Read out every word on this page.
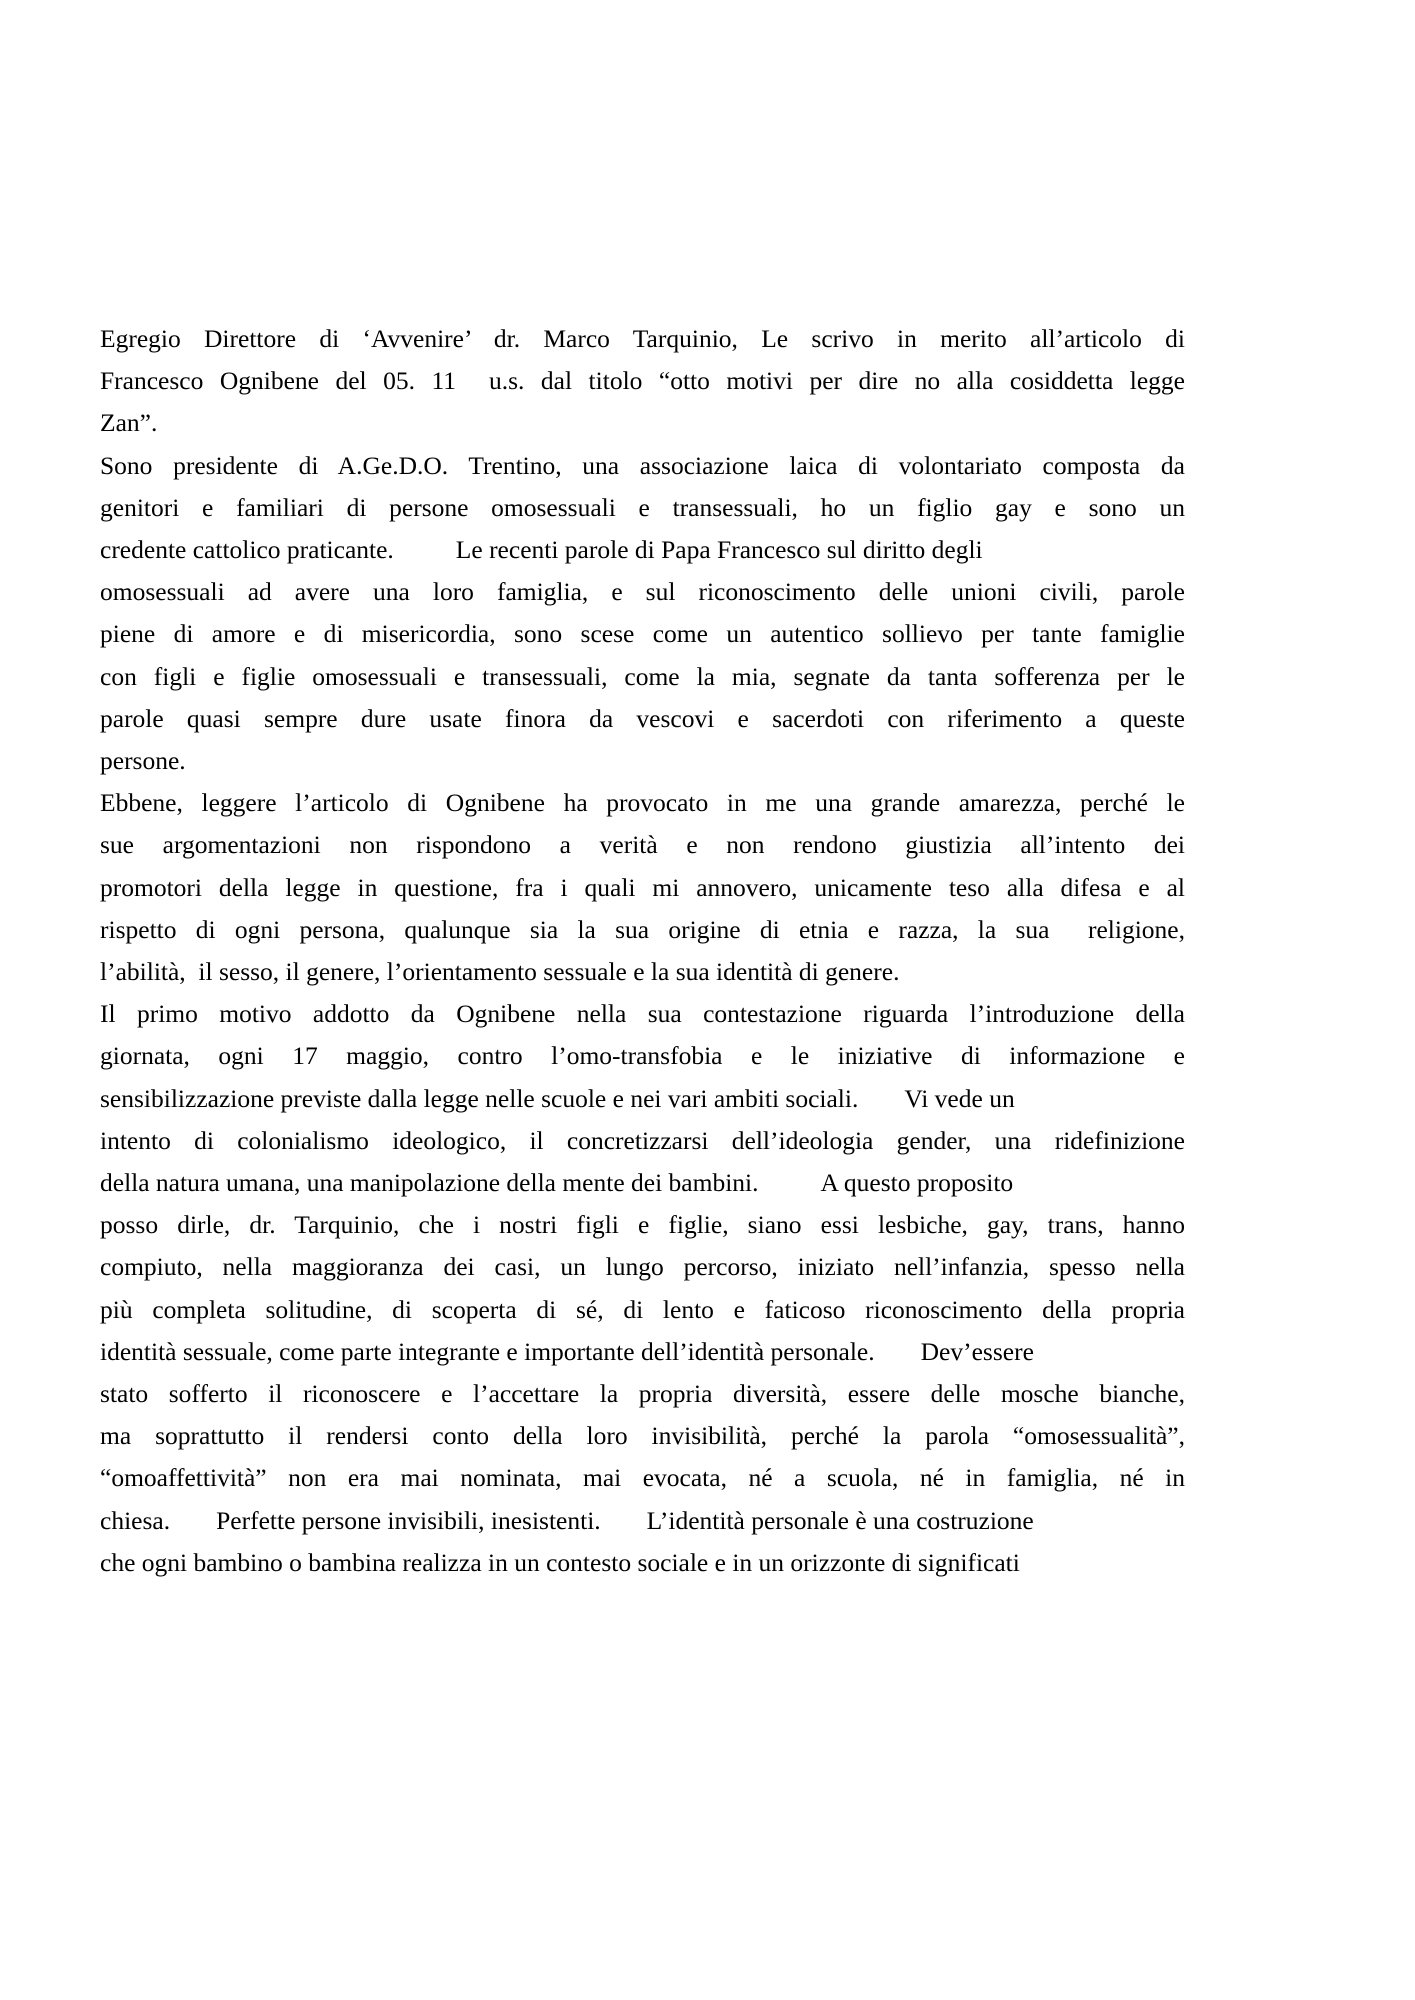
Egregio Direttore di ‘Avvenire’ dr. Marco Tarquinio, Le scrivo in merito all’articolo di
Francesco Ognibene del 05. 11  u.s. dal titolo “otto motivi per dire no alla cosiddetta legge
Zan”.

Sono presidente di A.Ge.D.O. Trentino, una associazione laica di volontariato composta da
genitori e familiari di persone omosessuali e transessuali, ho un figlio gay e sono un
credente cattolico praticante. Le recenti parole di Papa Francesco sul diritto degli
omosessuali ad avere una loro famiglia, e sul riconoscimento delle unioni civili, parole
piene di amore e di misericordia, sono scese come un autentico sollievo per tante famiglie
con figli e figlie omosessuali e transessuali, come la mia, segnate da tanta sofferenza per le
parole quasi sempre dure usate finora da vescovi e sacerdoti con riferimento a queste
persone.

Ebbene, leggere l’articolo di Ognibene ha provocato in me una grande amarezza, perché le
sue argomentazioni non rispondono a verità e non rendono giustizia all’intento dei
promotori della legge in questione, fra i quali mi annovero, unicamente teso alla difesa e al
rispetto di ogni persona, qualunque sia la sua origine di etnia e razza, la sua  religione,
l’abilità,  il sesso, il genere, l’orientamento sessuale e la sua identità di genere.

Il primo motivo addotto da Ognibene nella sua contestazione riguarda l’introduzione della
giornata, ogni 17 maggio, contro l’omo-transfobia e le iniziative di informazione e
sensibilizzazione previste dalla legge nelle scuole e nei vari ambiti sociali. Vi vede un
intento di colonialismo ideologico, il concretizzarsi dell’ideologia gender, una ridefinizione
della natura umana, una manipolazione della mente dei bambini. A questo proposito
posso dirle, dr. Tarquinio, che i nostri figli e figlie, siano essi lesbiche, gay, trans, hanno
compiuto, nella maggioranza dei casi, un lungo percorso, iniziato nell’infanzia, spesso nella
più completa solitudine, di scoperta di sé, di lento e faticoso riconoscimento della propria
identità sessuale, come parte integrante e importante dell’identità personale. Dev’essere
stato sofferto il riconoscere e l’accettare la propria diversità, essere delle mosche bianche,
ma soprattutto il rendersi conto della loro invisibilità, perché la parola “omosessualità”,
“omoaffettività” non era mai nominata, mai evocata, né a scuola, né in famiglia, né in
chiesa. Perfette persone invisibili, inesistenti. L’identità personale è una costruzione
che ogni bambino o bambina realizza in un contesto sociale e in un orizzonte di significati
